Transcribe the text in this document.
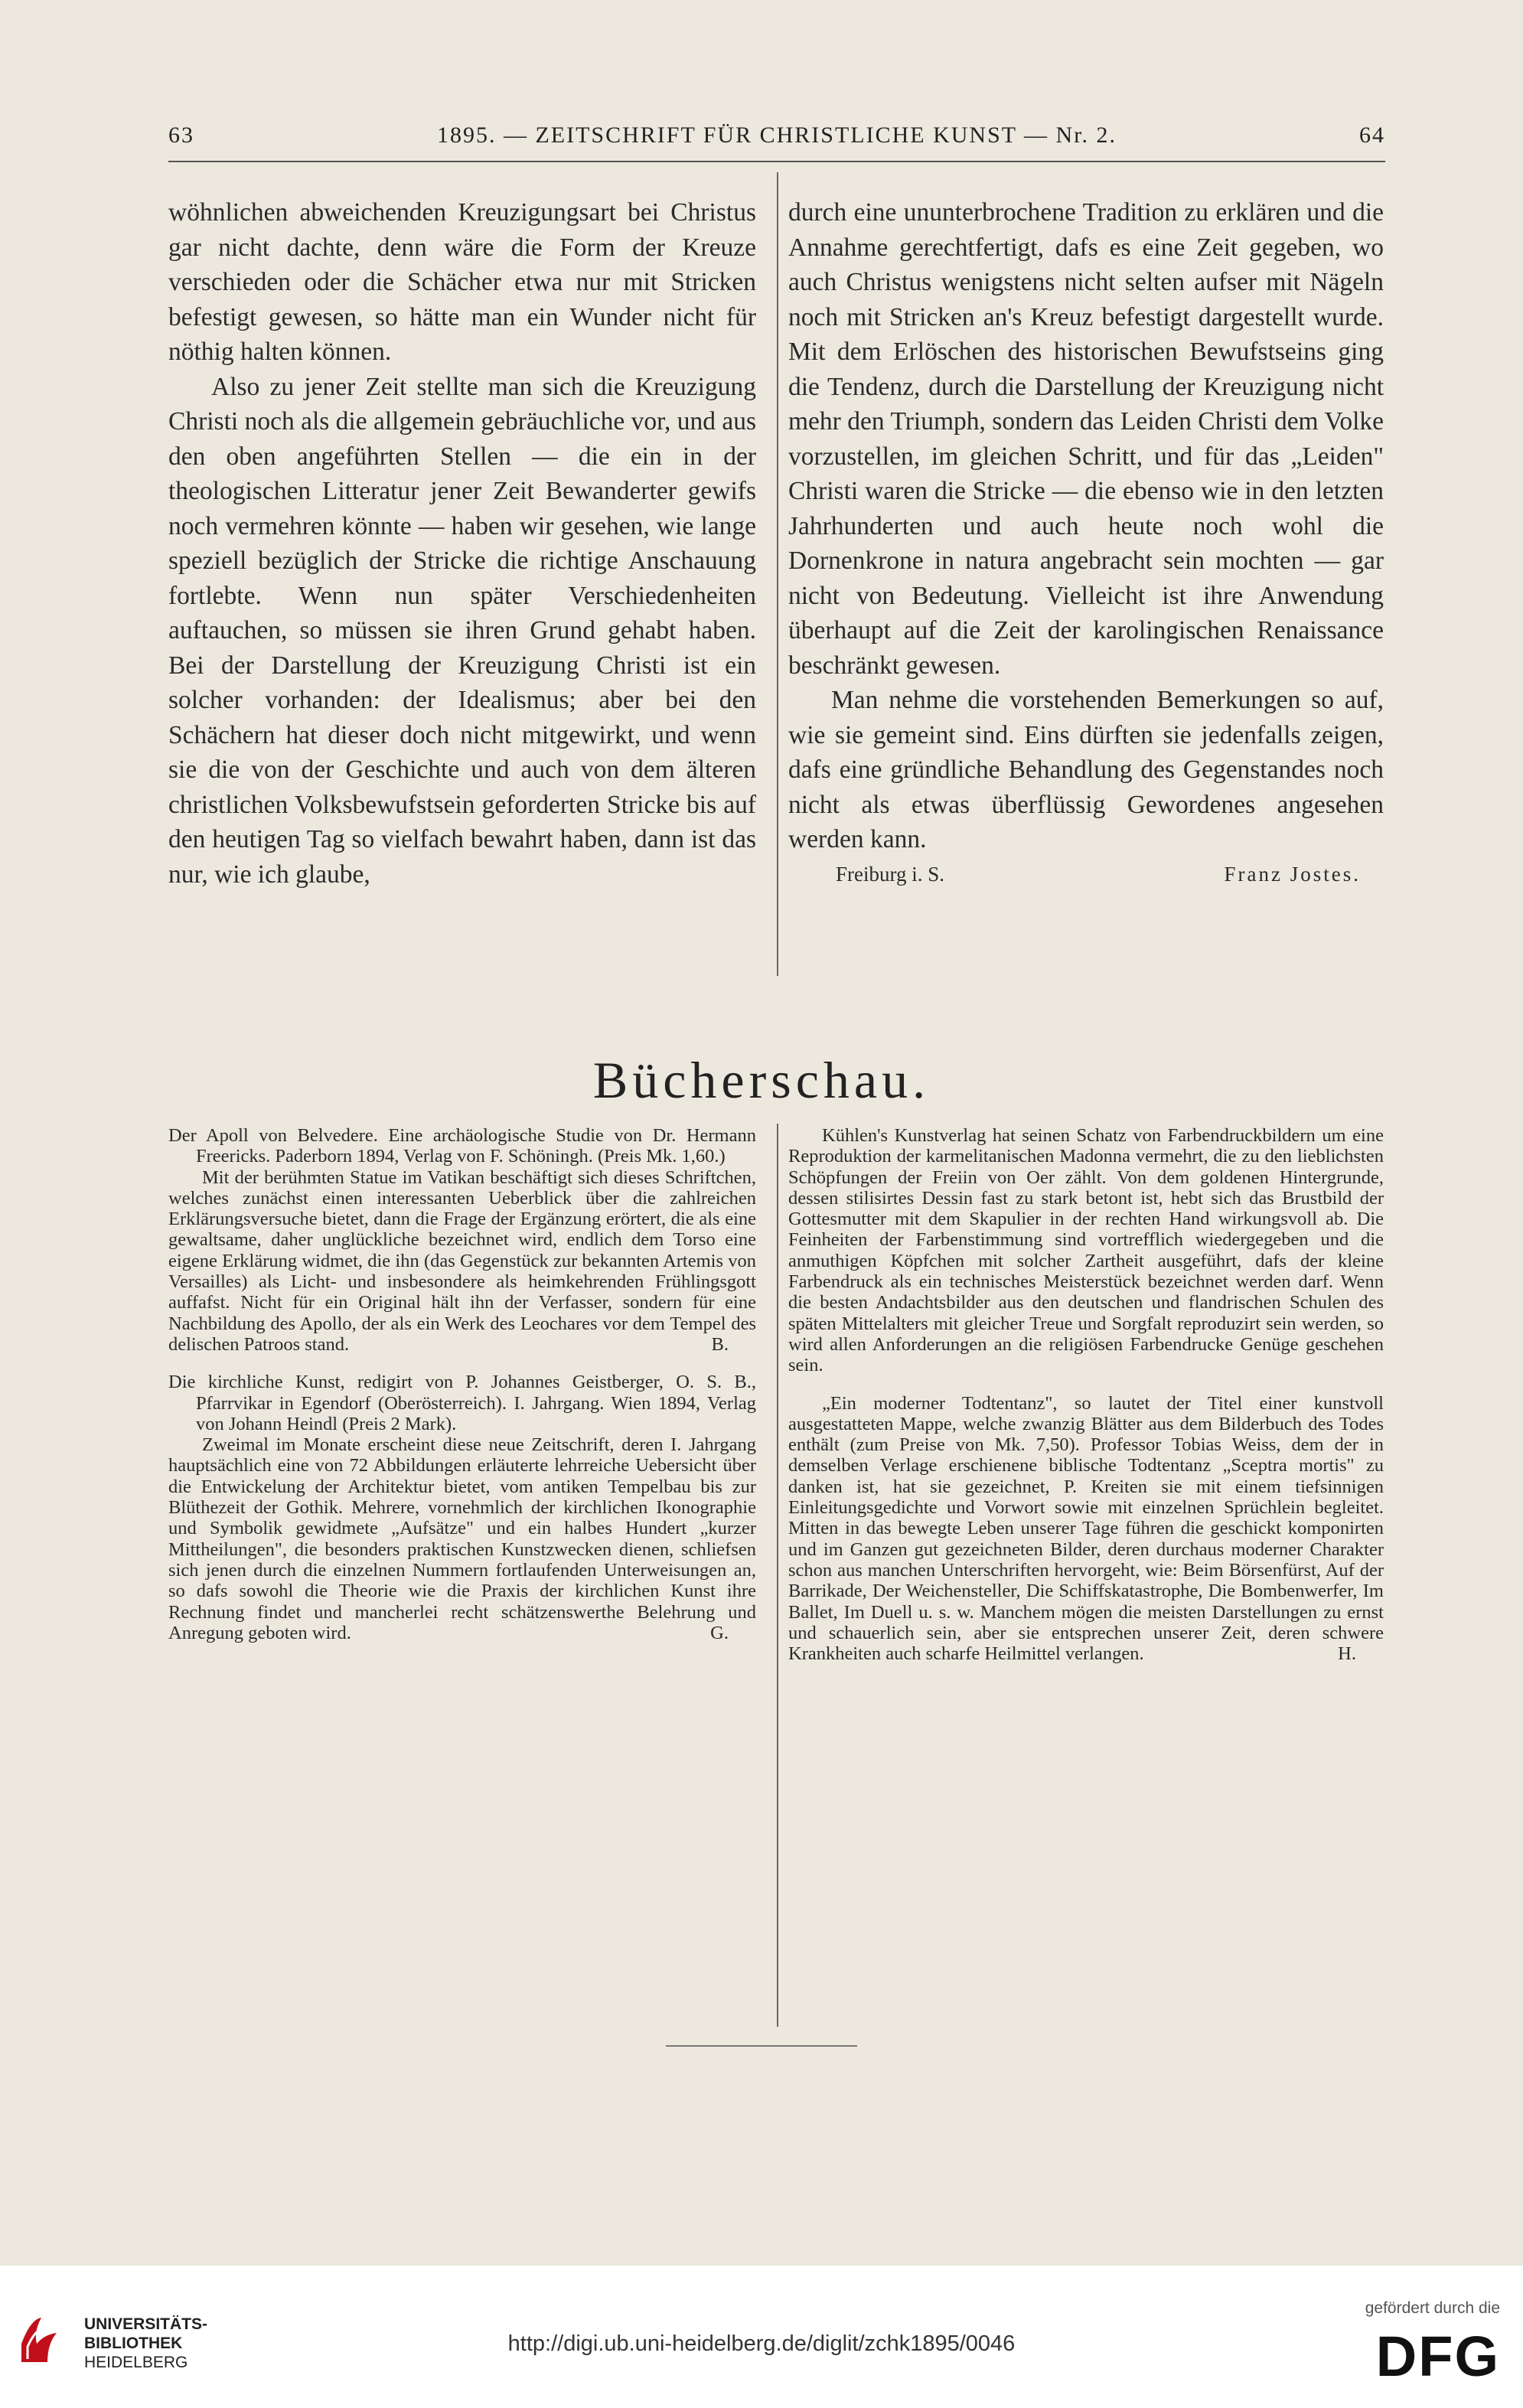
63	1895. — ZEITSCHRIFT FÜR CHRISTLICHE KUNST — Nr. 2.	64

wöhnlichen abweichenden Kreuzigungsart bei Christus gar nicht dachte, denn wäre die Form der Kreuze verschieden oder die Schächer etwa nur mit Stricken befestigt gewesen, so hätte man ein Wunder nicht für nöthig halten können.

Also zu jener Zeit stellte man sich die Kreuzigung Christi noch als die allgemein gebräuchliche vor, und aus den oben angeführten Stellen — die ein in der theologischen Litteratur jener Zeit Bewanderter gewifs noch vermehren könnte — haben wir gesehen, wie lange speziell bezüglich der Stricke die richtige Anschauung fortlebte. Wenn nun später Verschiedenheiten auftauchen, so müssen sie ihren Grund gehabt haben. Bei der Darstellung der Kreuzigung Christi ist ein solcher vorhanden: der Idealismus; aber bei den Schächern hat dieser doch nicht mitgewirkt, und wenn sie die von der Geschichte und auch von dem älteren christlichen Volksbewufstsein geforderten Stricke bis auf den heutigen Tag so vielfach bewahrt haben, dann ist das nur, wie ich glaube,

durch eine ununterbrochene Tradition zu erklären und die Annahme gerechtfertigt, dafs es eine Zeit gegeben, wo auch Christus wenigstens nicht selten aufser mit Nägeln noch mit Stricken an's Kreuz befestigt dargestellt wurde. Mit dem Erlöschen des historischen Bewufstseins ging die Tendenz, durch die Darstellung der Kreuzigung nicht mehr den Triumph, sondern das Leiden Christi dem Volke vorzustellen, im gleichen Schritt, und für das „Leiden" Christi waren die Stricke — die ebenso wie in den letzten Jahrhunderten und auch heute noch wohl die Dornenkrone in natura angebracht sein mochten — gar nicht von Bedeutung. Vielleicht ist ihre Anwendung überhaupt auf die Zeit der karolingischen Renaissance beschränkt gewesen.

Man nehme die vorstehenden Bemerkungen so auf, wie sie gemeint sind. Eins dürften sie jedenfalls zeigen, dafs eine gründliche Behandlung des Gegenstandes noch nicht als etwas überflüssig Gewordenes angesehen werden kann.

Freiburg i. S.	Franz Jostes.
Bücherschau.

Der Apoll von Belvedere. Eine archäologische Studie von Dr. Hermann Freericks. Paderborn 1894, Verlag von F. Schöningh. (Preis Mk. 1,60.)

Mit der berühmten Statue im Vatikan beschäftigt sich dieses Schriftchen, welches zunächst einen interessanten Ueberblick über die zahlreichen Erklärungsversuche bietet, dann die Frage der Ergänzung erörtert, die als eine gewaltsame, daher unglückliche bezeichnet wird, endlich dem Torso eine eigene Erklärung widmet, die ihn (das Gegenstück zur bekannten Artemis von Versailles) als Licht- und insbesondere als heimkehrenden Frühlingsgott auffafst. Nicht für ein Original hält ihn der Verfasser, sondern für eine Nachbildung des Apollo, der als ein Werk des Leochares vor dem Tempel des delischen Patroos stand.	B.

Die kirchliche Kunst, redigirt von P. Johannes Geistberger, O. S. B., Pfarrvikar in Egendorf (Oberösterreich). I. Jahrgang. Wien 1894, Verlag von Johann Heindl (Preis 2 Mark).

Zweimal im Monate erscheint diese neue Zeitschrift, deren I. Jahrgang hauptsächlich eine von 72 Abbildungen erläuterte lehrreiche Uebersicht über die Entwickelung der Architektur bietet, vom antiken Tempelbau bis zur Blüthezeit der Gothik. Mehrere, vornehmlich der kirchlichen Ikonographie und Symbolik gewidmete „Aufsätze" und ein halbes Hundert „kurzer Mittheilungen", die besonders praktischen Kunstzwecken dienen, schliefsen sich jenen durch die einzelnen Nummern fortlaufenden Unterweisungen an, so dafs sowohl die Theorie wie die Praxis der kirchlichen Kunst ihre Rechnung findet und mancherlei recht schätzenswerthe Belehrung und Anregung geboten wird.	G.

Kühlen's Kunstverlag hat seinen Schatz von Farbendruckbildern um eine Reproduktion der karmelitanischen Madonna vermehrt, die zu den lieblichsten Schöpfungen der Freiin von Oer zählt. Von dem goldenen Hintergrunde, dessen stilisirtes Dessin fast zu stark betont ist, hebt sich das Brustbild der Gottesmutter mit dem Skapulier in der rechten Hand wirkungsvoll ab. Die Feinheiten der Farbenstimmung sind vortrefflich wiedergegeben und die anmuthigen Köpfchen mit solcher Zartheit ausgeführt, dafs der kleine Farbendruck als ein technisches Meisterstück bezeichnet werden darf. Wenn die besten Andachtsbilder aus den deutschen und flandrischen Schulen des späten Mittelalters mit gleicher Treue und Sorgfalt reproduzirt sein werden, so wird allen Anforderungen an die religiösen Farbendrucke Genüge geschehen sein.

„Ein moderner Todtentanz", so lautet der Titel einer kunstvoll ausgestatteten Mappe, welche zwanzig Blätter aus dem Bilderbuch des Todes enthält (zum Preise von Mk. 7,50). Professor Tobias Weiss, dem der in demselben Verlage erschienene biblische Todtentanz „Sceptra mortis" zu danken ist, hat sie gezeichnet, P. Kreiten sie mit einem tiefsinnigen Einleitungsgedichte und Vorwort sowie mit einzelnen Sprüchlein begleitet. Mitten in das bewegte Leben unserer Tage führen die geschickt komponirten und im Ganzen gut gezeichneten Bilder, deren durchaus moderner Charakter schon aus manchen Unterschriften hervorgeht, wie: Beim Börsenfürst, Auf der Barrikade, Der Weichensteller, Die Schiffskatastrophe, Die Bombenwerfer, Im Ballet, Im Duell u. s. w. Manchem mögen die meisten Darstellungen zu ernst und schauerlich sein, aber sie entsprechen unserer Zeit, deren schwere Krankheiten auch scharfe Heilmittel verlangen.	H.

UNIVERSITÄTS-
BIBLIOTHEK
HEIDELBERG
http://digi.ub.uni-heidelberg.de/diglit/zchk1895/0046
gefördert durch die
DFG
